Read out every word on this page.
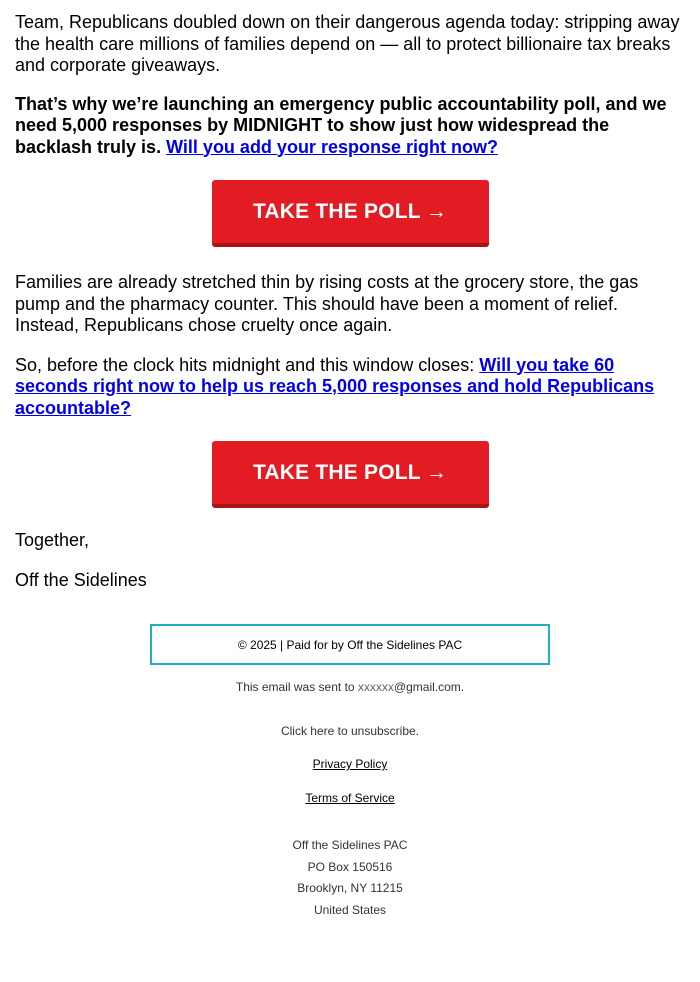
Team, Republicans doubled down on their dangerous agenda today: stripping away the health care millions of families depend on — all to protect billionaire tax breaks and corporate giveaways.

That’s why we’re launching an emergency public accountability poll, and we need 5,000 responses by MIDNIGHT to show just how widespread the backlash truly is. Will you add your response right now?

TAKE THE POLL →

Families are already stretched thin by rising costs at the grocery store, the gas pump and the pharmacy counter. This should have been a moment of relief. Instead, Republicans chose cruelty once again.

So, before the clock hits midnight and this window closes: Will you take 60 seconds right now to help us reach 5,000 responses and hold Republicans accountable?

TAKE THE POLL →

Together,

Off the Sidelines

© 2025 | Paid for by Off the Sidelines PAC

This email was sent to xxxxxx@gmail.com.

Click here to unsubscribe.

Privacy Policy

Terms of Service

Off the Sidelines PAC
PO Box 150516
Brooklyn, NY 11215
United States
